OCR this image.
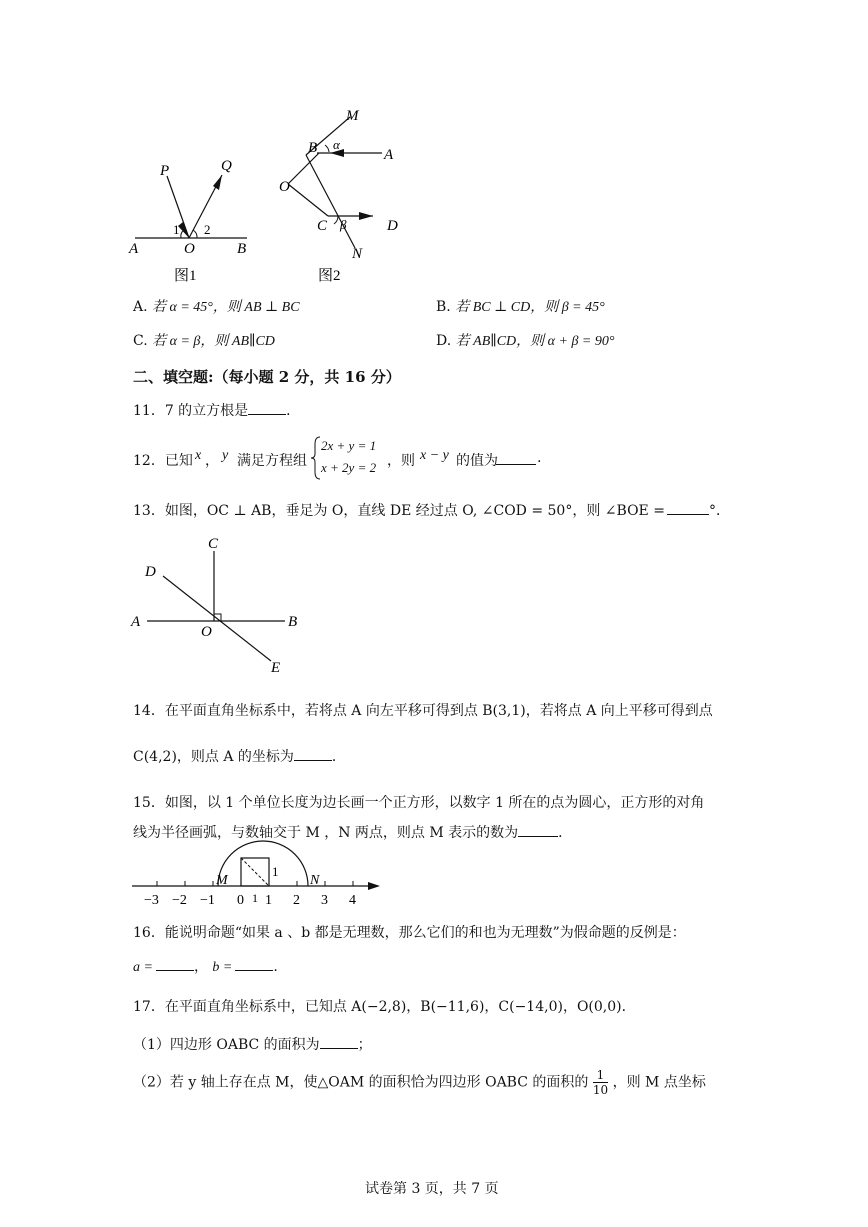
P	Q
1 2
A	O	B
图1
M
B α
A
O
C β	D
N
图2
A. 若 α = 45°，则 AB ⊥ BC	B. 若 BC ⊥ CD，则 β = 45°
C. 若 α = β，则 AB∥CD	D. 若 AB∥CD，则 α + β = 90°
二、填空题:（每小题 2 分，共 16 分）
11．7 的立方根是	．
12．已知 x ， y 满足方程组
2x + y = 1
x + 2y = 2 ，则 x − y 的值为	.
13．如图，OC ⊥ AB，垂足为 O，直线 DE 经过点 O, ∠COD = 50°，则 ∠BOE =	°．
C
D
A
O
B
E
14．在平面直角坐标系中，若将点 A 向左平移可得到点 B(3,1)，若将点 A 向上平移可得到点
C(4,2)，则点 A 的坐标为	．
15．如图，以 1 个单位长度为边长画一个正方形，以数字 1 所在的点为圆心，正方形的对角
线为半径画弧，与数轴交于 M ，N 两点，则点 M 表示的数为	．
−3 −2 −1 0 1 2 3 4
M	N
1
1
16．能说明命题“如果 a 、b 都是无理数，那么它们的和也为无理数”为假命题的反例是：
a =	， b =	.
17．在平面直角坐标系中，已知点 A(−2,8)，B(−11,6)，C(−14,0)，O(0,0)．
（1）四边形 OABC 的面积为	；
（2）若 y 轴上存在点 M，使△OAM 的面积恰为四边形 OABC 的面积的 $\frac{1}{10}$ ，则 M 点坐标
试卷第 3 页，共 7 页
